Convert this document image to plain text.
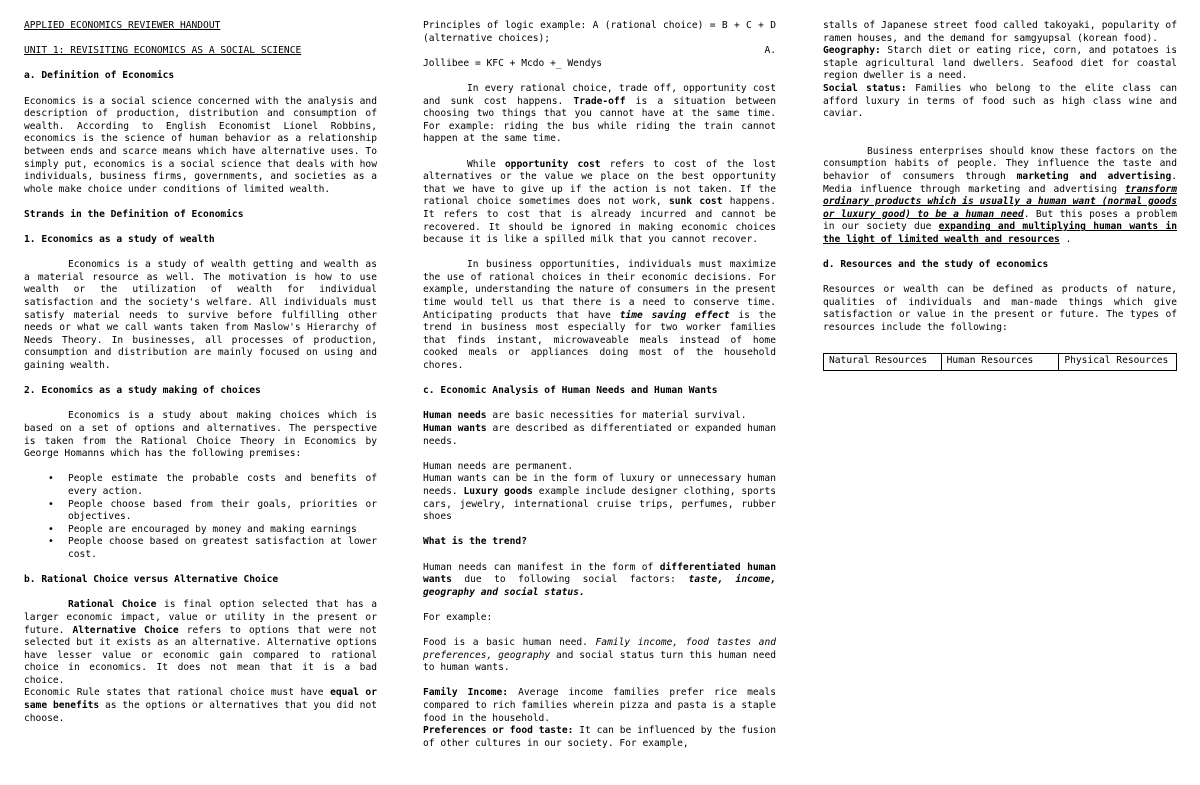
APPLIED ECONOMICS REVIEWER HANDOUT

UNIT 1: REVISITING ECONOMICS AS A SOCIAL SCIENCE

a. Definition of Economics

Economics is a social science concerned with the analysis and description of production, distribution and consumption of wealth. According to English Economist Lionel Robbins, economics is the science of human behavior as a relationship between ends and scarce means which have alternative uses. To simply put, economics is a social science that deals with how individuals, business firms, governments, and societies as a whole make choice under conditions of limited wealth.

Strands in the Definition of Economics

1. Economics as a study of wealth

Economics is a study of wealth getting and wealth as a material resource as well. The motivation is how to use wealth or the utilization of wealth for individual satisfaction and the society's welfare. All individuals must satisfy material needs to survive before fulfilling other needs or what we call wants taken from Maslow's Hierarchy of Needs Theory. In businesses, all processes of production, consumption and distribution are mainly focused on using and gaining wealth.

2. Economics as a study making of choices

Economics is a study about making choices which is based on a set of options and alternatives. The perspective is taken from the Rational Choice Theory in Economics by George Homanns which has the following premises:

• People estimate the probable costs and benefits of every action.
• People choose based from their goals, priorities or objectives.
• People are encouraged by money and making earnings
• People choose based on greatest satisfaction at lower cost.

b. Rational Choice versus Alternative Choice

Rational Choice is final option selected that has a larger economic impact, value or utility in the present or future. Alternative Choice refers to options that were not selected but it exists as an alternative. Alternative options have lesser value or economic gain compared to rational choice in economics. It does not mean that it is a bad choice.

Economic Rule states that rational choice must have equal or same benefits as the options or alternatives that you did not choose.

Principles of logic example: A (rational choice) = B + C + D (alternative choices);

A.

Jollibee = KFC + Mcdo +_ Wendys

In every rational choice, trade off, opportunity cost and sunk cost happens. Trade-off is a situation between choosing two things that you cannot have at the same time. For example: riding the bus while riding the train cannot happen at the same time.

While opportunity cost refers to cost of the lost alternatives or the value we place on the best opportunity that we have to give up if the action is not taken. If the rational choice sometimes does not work, sunk cost happens. It refers to cost that is already incurred and cannot be recovered. It should be ignored in making economic choices because it is like a spilled milk that you cannot recover.

In business opportunities, individuals must maximize the use of rational choices in their economic decisions. For example, understanding the nature of consumers in the present time would tell us that there is a need to conserve time. Anticipating products that have time saving effect is the trend in business most especially for two worker families that finds instant, microwaveable meals instead of home cooked meals or appliances doing most of the household chores.

c. Economic Analysis of Human Needs and Human Wants

Human needs are basic necessities for material survival.

Human wants are described as differentiated or expanded human needs.

Human needs are permanent.

Human wants can be in the form of luxury or unnecessary human needs. Luxury goods example include designer clothing, sports cars, jewelry, international cruise trips, perfumes, rubber shoes

What is the trend?

Human needs can manifest in the form of differentiated human wants due to following social factors: taste, income, geography and social status.

For example:

Food is a basic human need. Family income, food tastes and preferences, geography and social status turn this human need to human wants.

Family Income: Average income families prefer rice meals compared to rich families wherein pizza and pasta is a staple food in the household.

Preferences or food taste: It can be influenced by the fusion of other cultures in our society. For example,

stalls of Japanese street food called takoyaki, popularity of ramen houses, and the demand for samgyupsal (korean food).

Geography: Starch diet or eating rice, corn, and potatoes is staple agricultural land dwellers. Seafood diet for coastal region dweller is a need.

Social status: Families who belong to the elite class can afford luxury in terms of food such as high class wine and caviar.

Business enterprises should know these factors on the consumption habits of people. They influence the taste and behavior of consumers through marketing and advertising. Media influence through marketing and advertising transform ordinary products which is usually a human want (normal goods or luxury good) to be a human need. But this poses a problem in our society due expanding and multiplying human wants in the light of limited wealth and resources .

d. Resources and the study of economics

Resources or wealth can be defined as products of nature, qualities of individuals and man-made things which give satisfaction or value in the present or future. The types of resources include the following:

Natural Resources	Human Resources	Physical Resources
